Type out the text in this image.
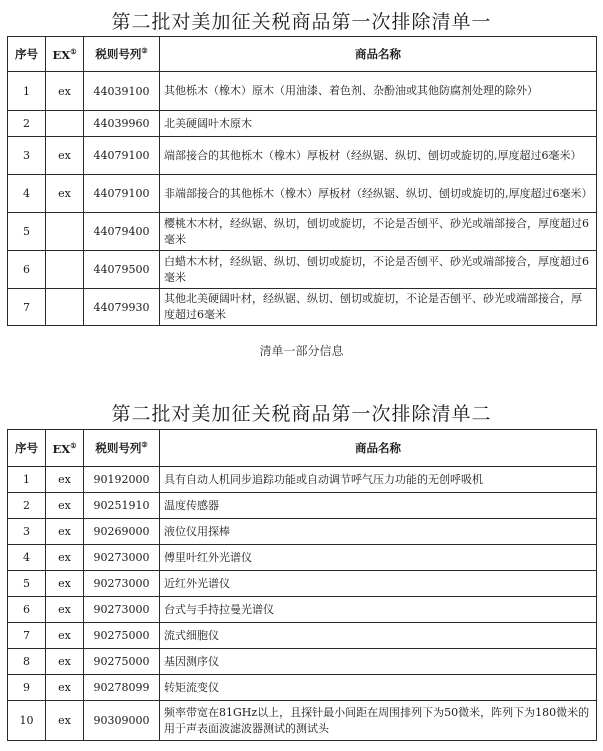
第二批对美加征关税商品第一次排除清单一
序号	EX①	税则号列②	商品名称
1	ex	44039100	其他栎木（橡木）原木（用油漆、着色剂、杂酚油或其他防腐剂处理的除外）
2		44039960	北美硬阔叶木原木
3	ex	44079100	端部接合的其他栎木（橡木）厚板材（经纵锯、纵切、刨切或旋切的,厚度超过6毫米）
4	ex	44079100	非端部接合的其他栎木（橡木）厚板材（经纵锯、纵切、刨切或旋切的,厚度超过6毫米）
5		44079400	樱桃木木材，经纵锯、纵切，刨切或旋切，不论是否刨平、砂光或端部接合，厚度超过6毫米
6		44079500	白蜡木木材，经纵锯、纵切、刨切或旋切，不论是否刨平、砂光或端部接合，厚度超过6毫米
7		44079930	其他北美硬阔叶材，经纵锯、纵切、刨切或旋切，不论是否刨平、砂光或端部接合，厚度超过6毫米
清单一部分信息
第二批对美加征关税商品第一次排除清单二
序号	EX①	税则号列②	商品名称
1	ex	90192000	具有自动人机同步追踪功能或自动调节呼气压力功能的无创呼吸机
2	ex	90251910	温度传感器
3	ex	90269000	液位仪用探棒
4	ex	90273000	傅里叶红外光谱仪
5	ex	90273000	近红外光谱仪
6	ex	90273000	台式与手持拉曼光谱仪
7	ex	90275000	流式细胞仪
8	ex	90275000	基因测序仪
9	ex	90278099	转矩流变仪
10	ex	90309000	频率带宽在81GHz以上，且探针最小间距在周围排列下为50微米，阵列下为180微米的用于声表面波滤波器测试的测试头
